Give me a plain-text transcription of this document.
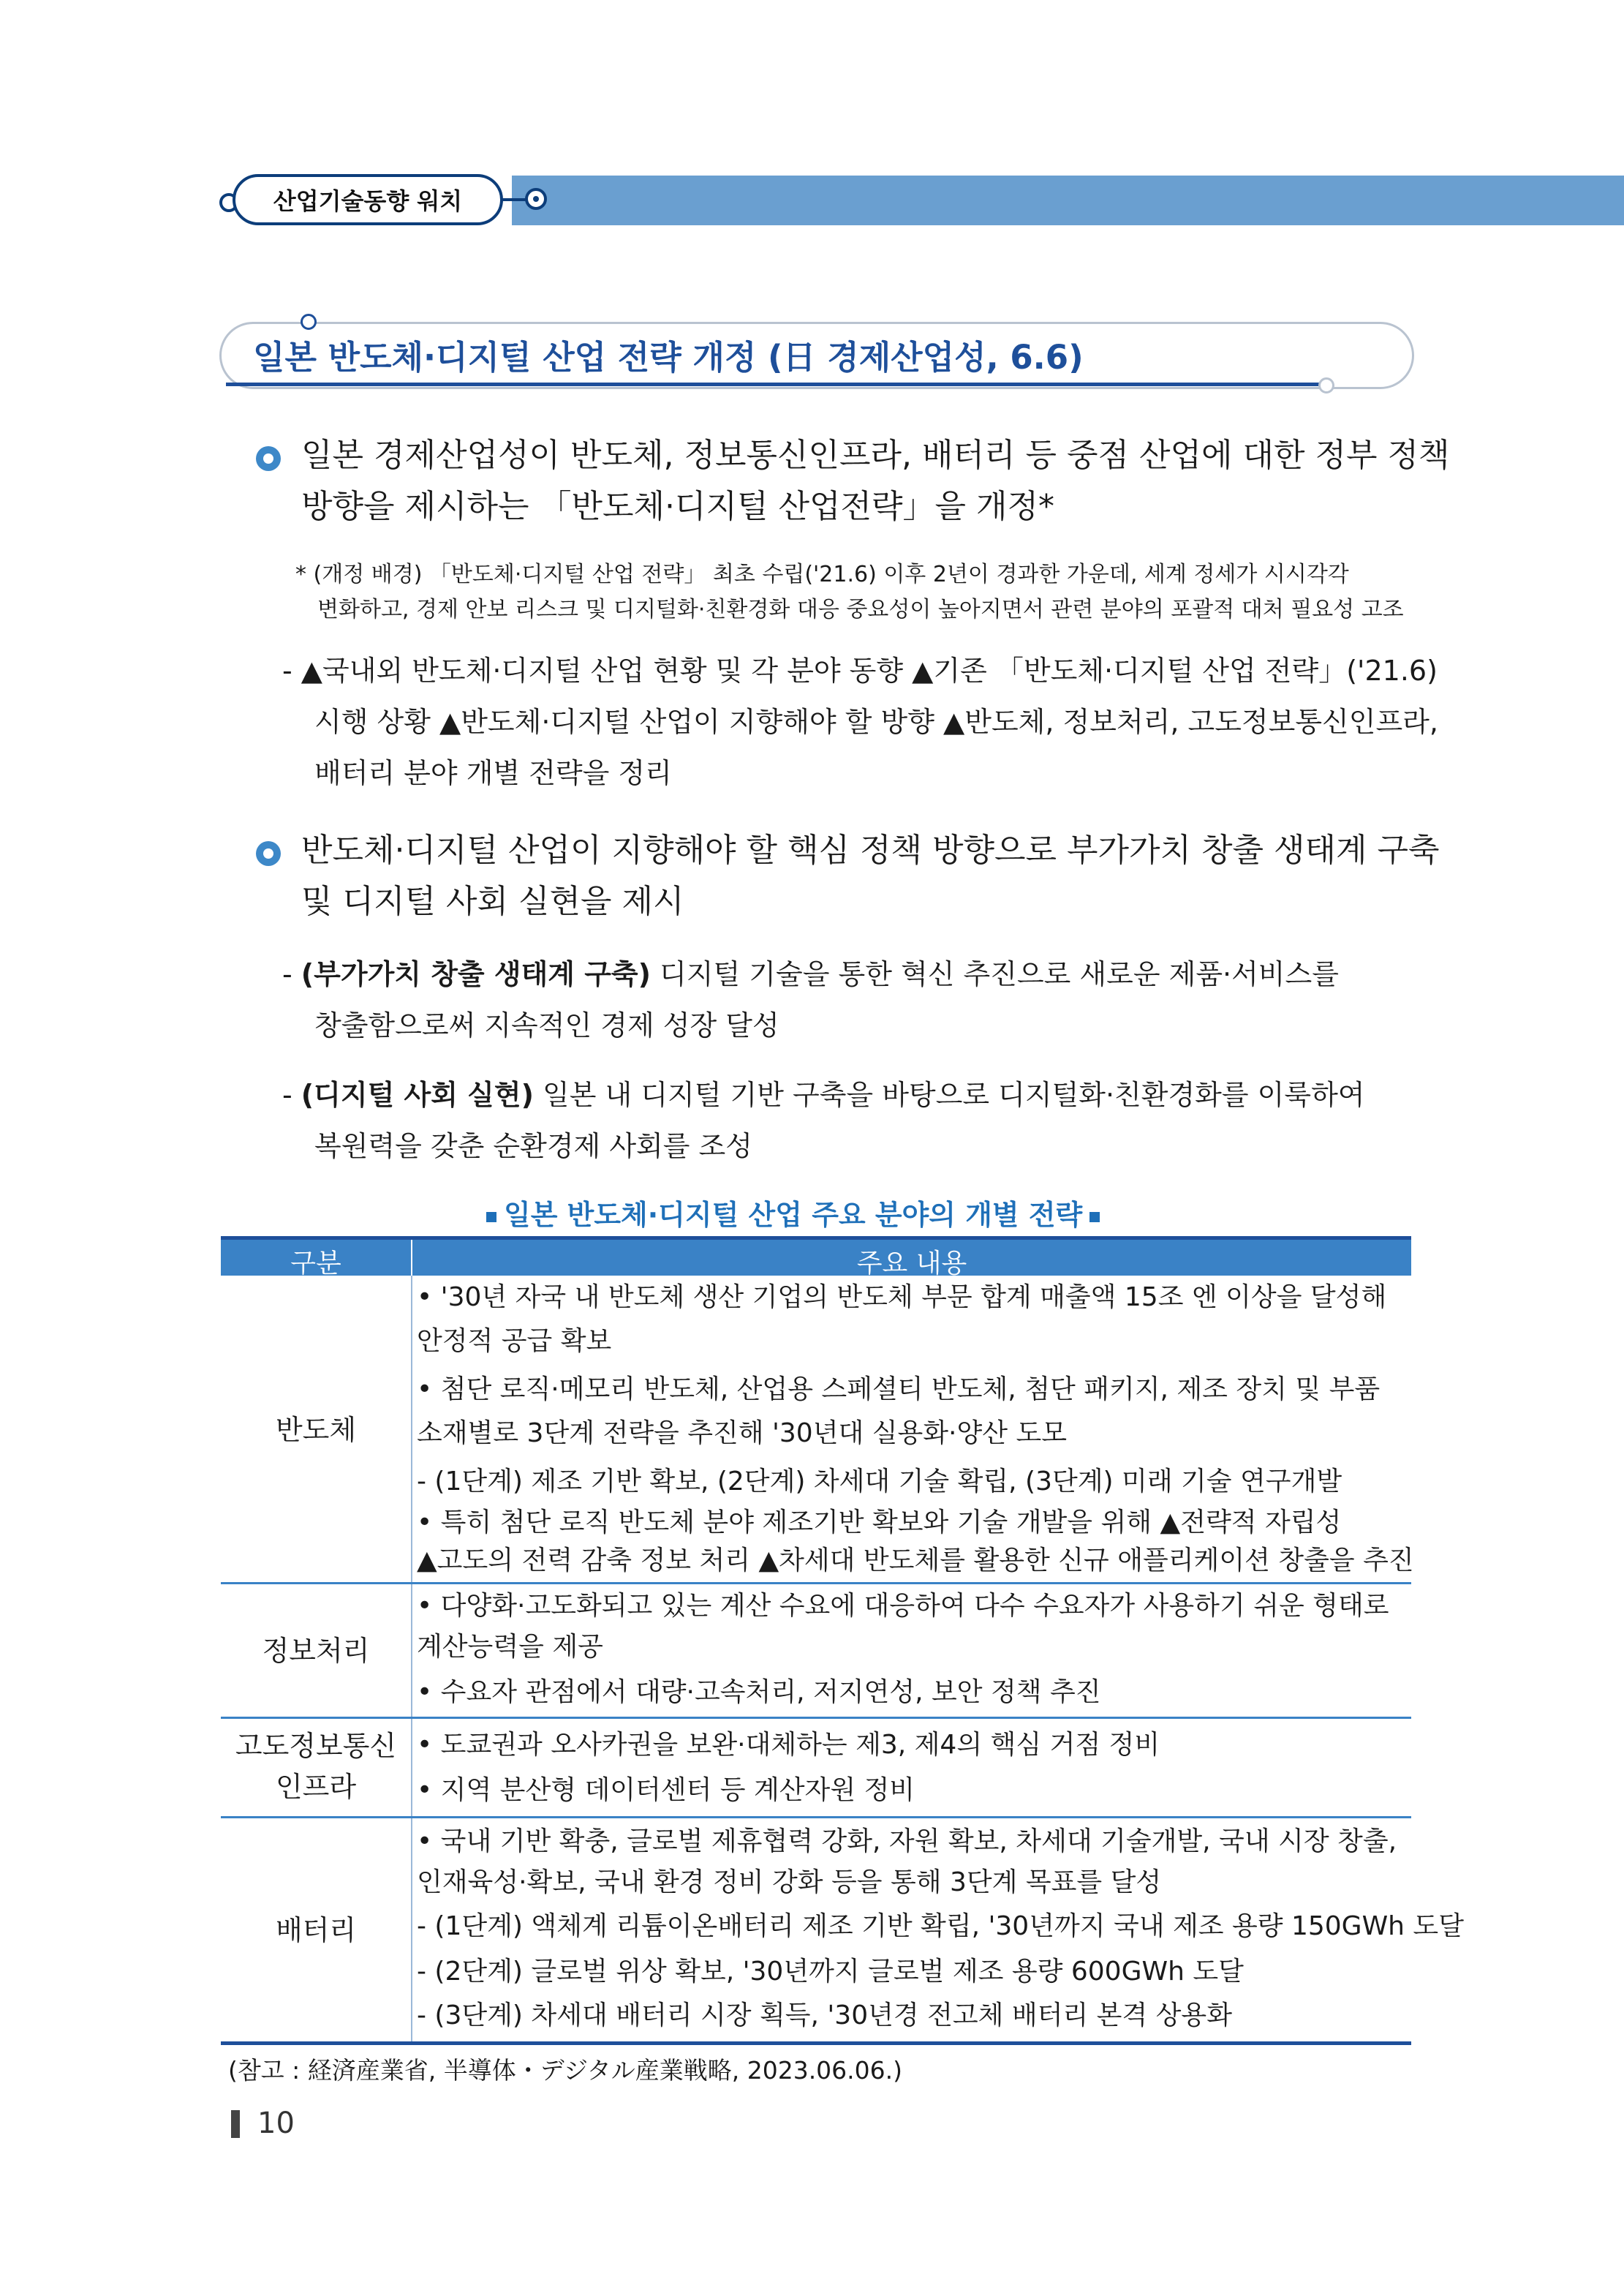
산업기술동향 워치
일본 반도체·디지털 산업 전략 개정 (日 경제산업성, 6.6)
일본 경제산업성이 반도체, 정보통신인프라, 배터리 등 중점 산업에 대한 정부 정책
방향을 제시하는 「반도체·디지털 산업전략」을 개정*
* (개정 배경) 「반도체·디지털 산업 전략」 최초 수립('21.6) 이후 2년이 경과한 가운데, 세계 정세가 시시각각
변화하고, 경제 안보 리스크 및 디지털화·친환경화 대응 중요성이 높아지면서 관련 분야의 포괄적 대처 필요성 고조
- ▲국내외 반도체·디지털 산업 현황 및 각 분야 동향 ▲기존 「반도체·디지털 산업 전략」('21.6)
시행 상황 ▲반도체·디지털 산업이 지향해야 할 방향 ▲반도체, 정보처리, 고도정보통신인프라,
배터리 분야 개별 전략을 정리
반도체·디지털 산업이 지향해야 할 핵심 정책 방향으로 부가가치 창출 생태계 구축
및 디지털 사회 실현을 제시
- (부가가치 창출 생태계 구축) 디지털 기술을 통한 혁신 추진으로 새로운 제품·서비스를
창출함으로써 지속적인 경제 성장 달성
- (디지털 사회 실현) 일본 내 디지털 기반 구축을 바탕으로 디지털화·친환경화를 이룩하여
복원력을 갖춘 순환경제 사회를 조성
일본 반도체·디지털 산업 주요 분야의 개별 전략
구분	주요 내용
반도체
• '30년 자국 내 반도체 생산 기업의 반도체 부문 합계 매출액 15조 엔 이상을 달성해
안정적 공급 확보
• 첨단 로직·메모리 반도체, 산업용 스페셜티 반도체, 첨단 패키지, 제조 장치 및 부품
소재별로 3단계 전략을 추진해 '30년대 실용화·양산 도모
- (1단계) 제조 기반 확보, (2단계) 차세대 기술 확립, (3단계) 미래 기술 연구개발
• 특히 첨단 로직 반도체 분야 제조기반 확보와 기술 개발을 위해 ▲전략적 자립성
▲고도의 전력 감축 정보 처리 ▲차세대 반도체를 활용한 신규 애플리케이션 창출을 추진
정보처리
• 다양화·고도화되고 있는 계산 수요에 대응하여 다수 수요자가 사용하기 쉬운 형태로
계산능력을 제공
• 수요자 관점에서 대량·고속처리, 저지연성, 보안 정책 추진
고도정보통신
인프라
• 도쿄권과 오사카권을 보완·대체하는 제3, 제4의 핵심 거점 정비
• 지역 분산형 데이터센터 등 계산자원 정비
배터리
• 국내 기반 확충, 글로벌 제휴협력 강화, 자원 확보, 차세대 기술개발, 국내 시장 창출,
인재육성·확보, 국내 환경 정비 강화 등을 통해 3단계 목표를 달성
- (1단계) 액체계 리튬이온배터리 제조 기반 확립, '30년까지 국내 제조 용량 150GWh 도달
- (2단계) 글로벌 위상 확보, '30년까지 글로벌 제조 용량 600GWh 도달
- (3단계) 차세대 배터리 시장 획득, '30년경 전고체 배터리 본격 상용화
(참고 : 経済産業省, 半導体・デジタル産業戦略, 2023.06.06.)
10
